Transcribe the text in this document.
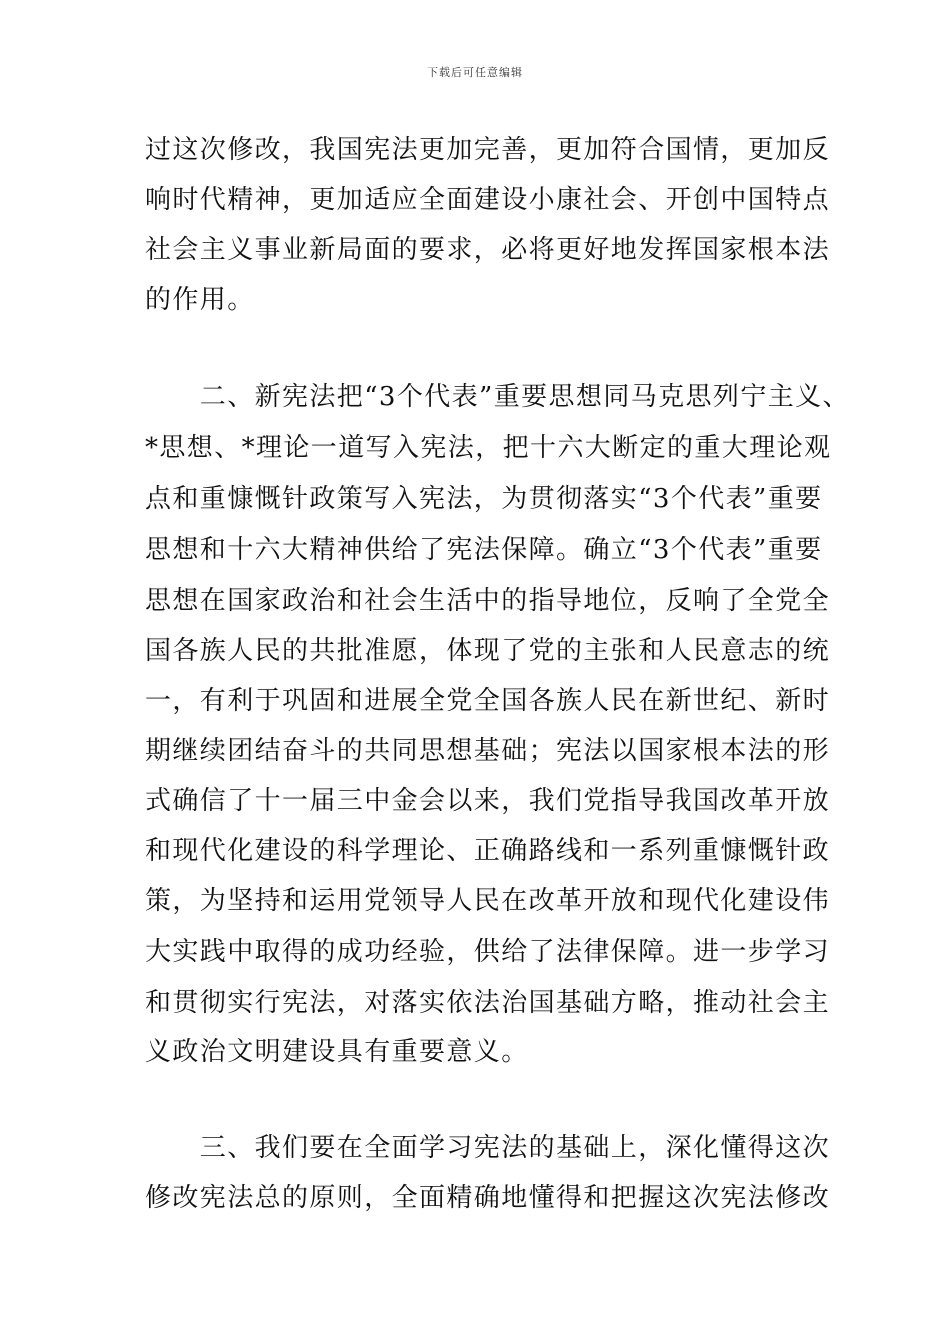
下载后可任意编辑
过这次修改，我国宪法更加完善，更加符合国情，更加反
响时代精神，更加适应全面建设小康社会、开创中国特点
社会主义事业新局面的要求，必将更好地发挥国家根本法
的作用。
　　二、新宪法把“3个代表”重要思想同马克思列宁主义、
*思想、*理论一道写入宪法，把十六大断定的重大理论观
点和重慷慨针政策写入宪法，为贯彻落实“3个代表”重要
思想和十六大精神供给了宪法保障。确立“3个代表”重要
思想在国家政治和社会生活中的指导地位，反响了全党全
国各族人民的共批准愿，体现了党的主张和人民意志的统
一，有利于巩固和进展全党全国各族人民在新世纪、新时
期继续团结奋斗的共同思想基础；宪法以国家根本法的形
式确信了十一届三中金会以来，我们党指导我国改革开放
和现代化建设的科学理论、正确路线和一系列重慷慨针政
策，为坚持和运用党领导人民在改革开放和现代化建设伟
大实践中取得的成功经验，供给了法律保障。进一步学习
和贯彻实行宪法，对落实依法治国基础方略，推动社会主
义政治文明建设具有重要意义。
　　三、我们要在全面学习宪法的基础上，深化懂得这次
修改宪法总的原则，全面精确地懂得和把握这次宪法修改
